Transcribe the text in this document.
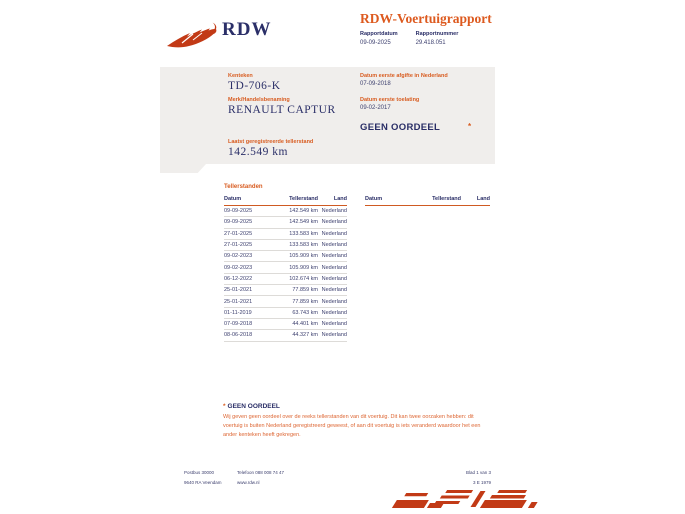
RDW
RDW-Voertuigrapport
Rapportdatum
09-09-2025
Rapportnummer
29.418.051
Kenteken
TD-706-K
Merk/Handelsbenaming
RENAULT CAPTUR
Laatst geregistreerde tellerstand
142.549 km
Datum eerste afgifte in Nederland
07-09-2018
Datum eerste toelating
09-02-2017
GEEN OORDEEL	*
Tellerstanden
Datum	Tellerstand	Land
09-09-2025	142.549 km	Nederland
09-09-2025	142.549 km	Nederland
27-01-2025	133.583 km	Nederland
27-01-2025	133.583 km	Nederland
09-02-2023	105.909 km	Nederland
09-02-2023	105.909 km	Nederland
06-12-2022	102.674 km	Nederland
25-01-2021	77.859 km	Nederland
25-01-2021	77.859 km	Nederland
01-11-2019	63.743 km	Nederland
07-09-2018	44.401 km	Nederland
08-06-2018	44.327 km	Nederland
Datum	Tellerstand	Land
* GEEN OORDEEL
Wij geven geen oordeel over de reeks tellerstanden van dit voertuig. Dit kan twee oorzaken hebben: dit voertuig is buiten Nederland geregistreerd geweest, of aan dit voertuig is iets veranderd waardoor het een ander kenteken heeft gekregen.
Postbus 30000
9640 RA Veendam
Telefoon 088 008 74 47
www.rdw.nl
Blad 1 van 3
3 E 1979
